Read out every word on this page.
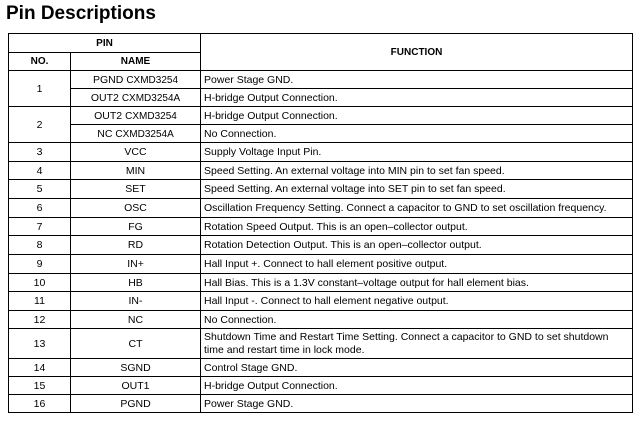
Pin Descriptions
PIN		FUNCTION
NO.	NAME	
1	PGND CXMD3254	Power Stage GND.
	OUT2 CXMD3254A	H-bridge Output Connection.
2	OUT2 CXMD3254	H-bridge Output Connection.
	NC CXMD3254A	No Connection.
3	VCC	Supply Voltage Input Pin.
4	MIN	Speed Setting. An external voltage into MIN pin to set fan speed.
5	SET	Speed Setting. An external voltage into SET pin to set fan speed.
6	OSC	Oscillation Frequency Setting. Connect a capacitor to GND to set oscillation frequency.
7	FG	Rotation Speed Output. This is an open–collector output.
8	RD	Rotation Detection Output. This is an open–collector output.
9	IN+	Hall Input +. Connect to hall element positive output.
10	HB	Hall Bias. This is a 1.3V constant–voltage output for hall element bias.
11	IN-	Hall Input -. Connect to hall element negative output.
12	NC	No Connection.
13	CT	Shutdown Time and Restart Time Setting. Connect a capacitor to GND to set shutdown time and restart time in lock mode.
14	SGND	Control Stage GND.
15	OUT1	H-bridge Output Connection.
16	PGND	Power Stage GND.
